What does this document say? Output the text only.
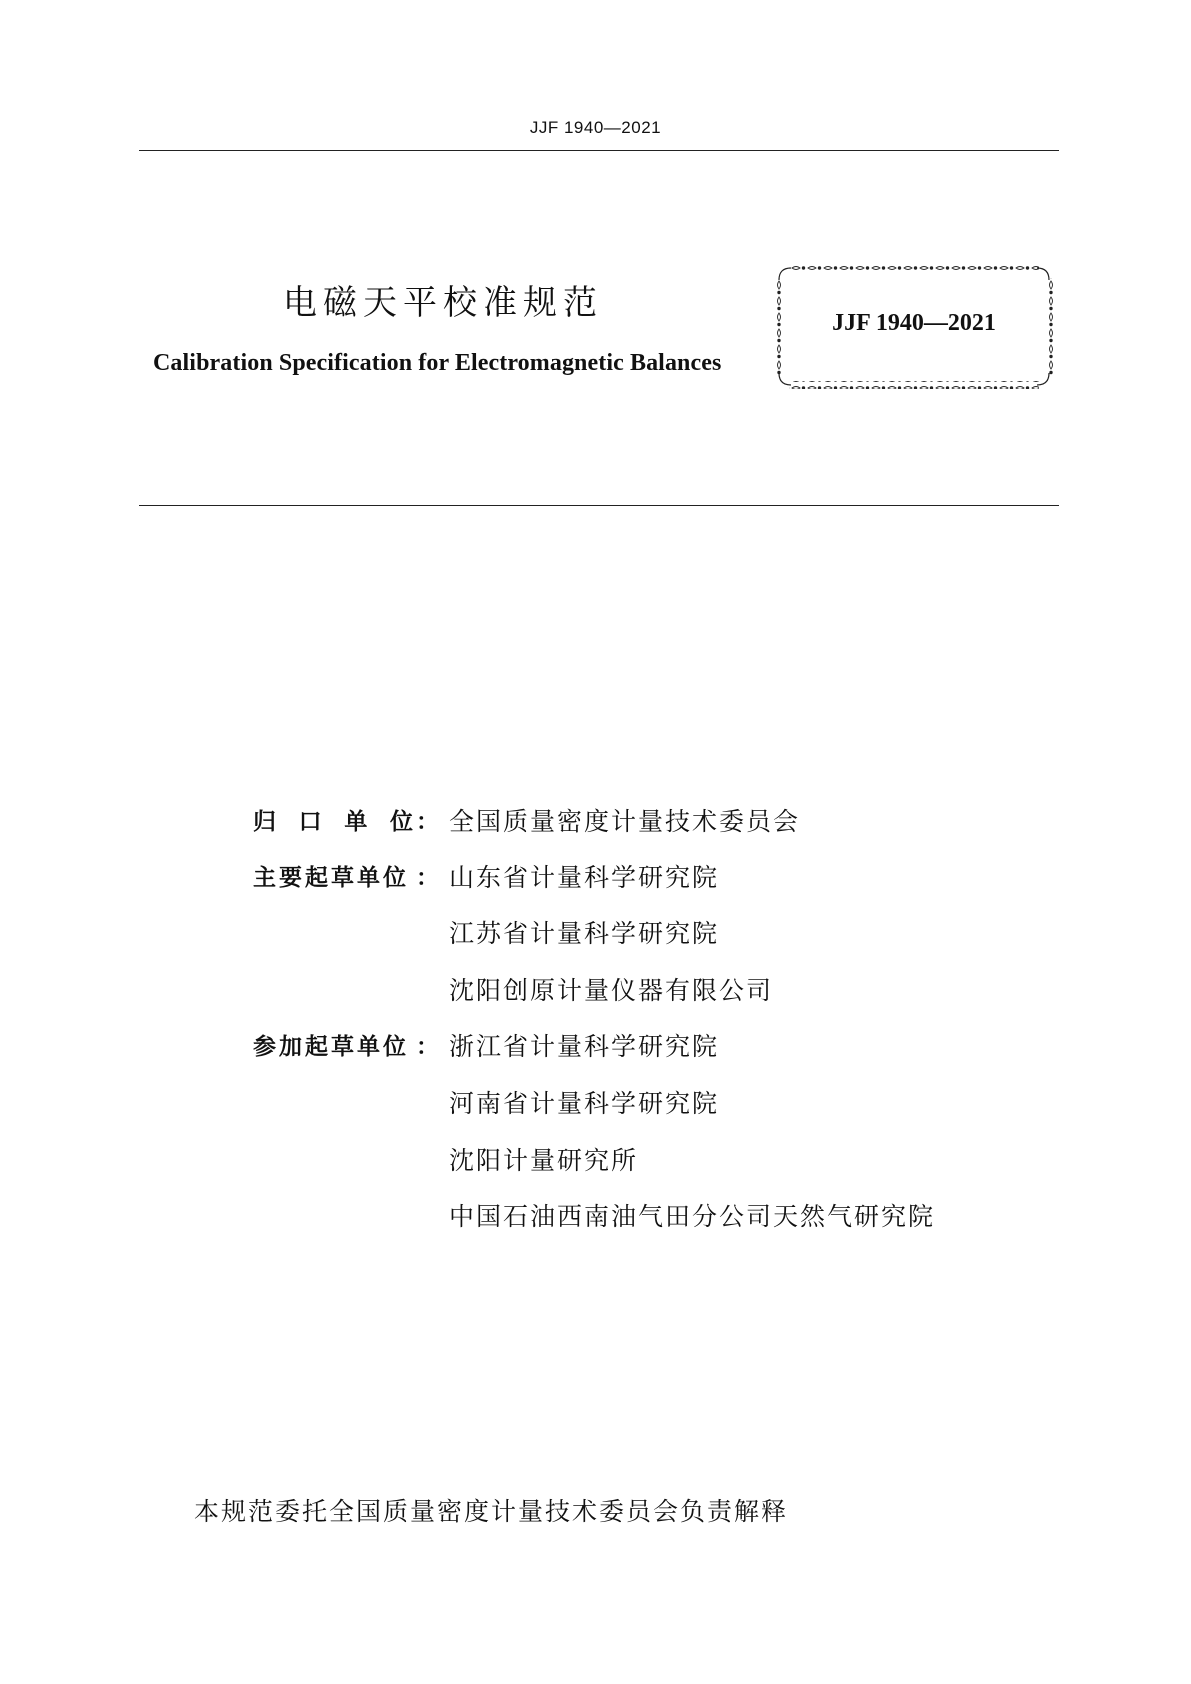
JJF 1940—2021
电磁天平校准规范
Calibration Specification for Electromagnetic Balances
JJF 1940—2021
归 口 单 位 ： 全国质量密度计量技术委员会
主要起草单位 ： 山东省计量科学研究院
江苏省计量科学研究院
沈阳创原计量仪器有限公司
参加起草单位 ： 浙江省计量科学研究院
河南省计量科学研究院
沈阳计量研究所
中国石油西南油气田分公司天然气研究院
本规范委托全国质量密度计量技术委员会负责解释
